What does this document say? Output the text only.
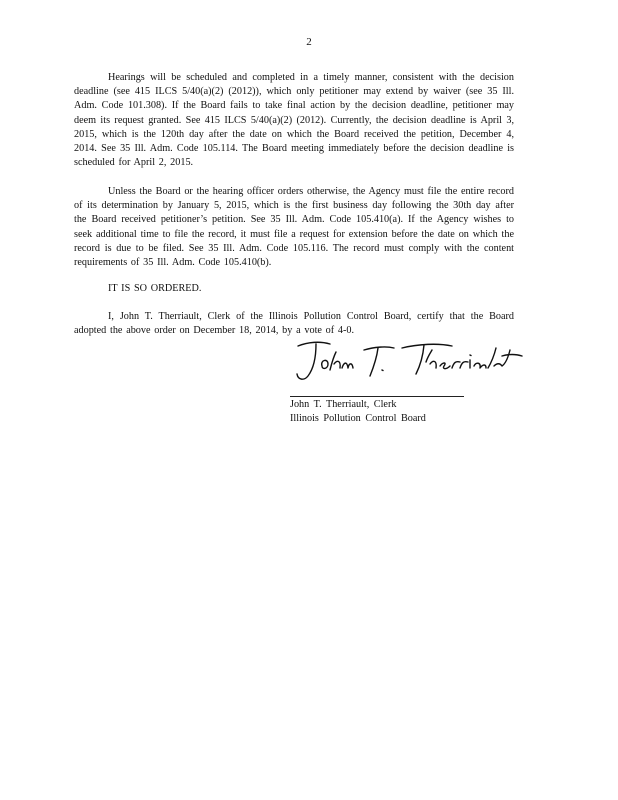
2

Hearings will be scheduled and completed in a timely manner, consistent with the decision deadline (see 415 ILCS 5/40(a)(2) (2012)), which only petitioner may extend by waiver (see 35 Ill. Adm. Code 101.308). If the Board fails to take final action by the decision deadline, petitioner may deem its request granted. See 415 ILCS 5/40(a)(2) (2012). Currently, the decision deadline is April 3, 2015, which is the 120th day after the date on which the Board received the petition, December 4, 2014. See 35 Ill. Adm. Code 105.114. The Board meeting immediately before the decision deadline is scheduled for April 2, 2015.

Unless the Board or the hearing officer orders otherwise, the Agency must file the entire record of its determination by January 5, 2015, which is the first business day following the 30th day after the Board received petitioner’s petition. See 35 Ill. Adm. Code 105.410(a). If the Agency wishes to seek additional time to file the record, it must file a request for extension before the date on which the record is due to be filed. See 35 Ill. Adm. Code 105.116. The record must comply with the content requirements of 35 Ill. Adm. Code 105.410(b).

IT IS SO ORDERED.

I, John T. Therriault, Clerk of the Illinois Pollution Control Board, certify that the Board adopted the above order on December 18, 2014, by a vote of 4-0.

John T. Therriault, Clerk
Illinois Pollution Control Board
